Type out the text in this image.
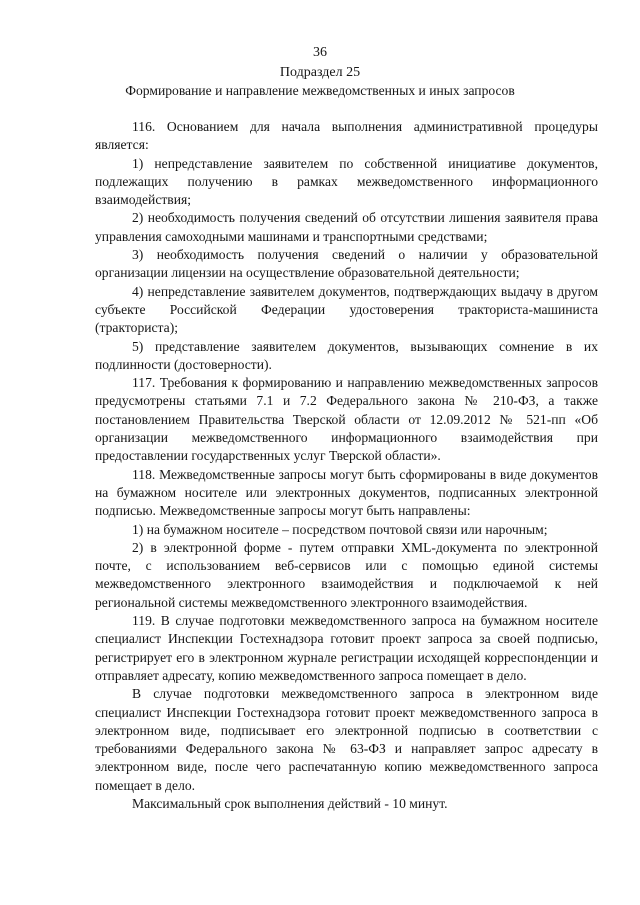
36
Подраздел 25
Формирование и направление межведомственных и иных запросов

116. Основанием для начала выполнения административной процедуры является:

1) непредставление заявителем по собственной инициативе документов, подлежащих получению в рамках межведомственного информационного взаимодействия;

2) необходимость получения сведений об отсутствии лишения заявителя права управления самоходными машинами и транспортными средствами;

3) необходимость получения сведений о наличии у образовательной организации лицензии на осуществление образовательной деятельности;

4) непредставление заявителем документов, подтверждающих выдачу в другом субъекте Российской Федерации удостоверения тракториста-машиниста (тракториста);

5) представление заявителем документов, вызывающих сомнение в их подлинности (достоверности).

117. Требования к формированию и направлению межведомственных запросов предусмотрены статьями 7.1 и 7.2 Федерального закона № 210-ФЗ, а также постановлением Правительства Тверской области от 12.09.2012 № 521-пп «Об организации межведомственного информационного взаимодействия при предоставлении государственных услуг Тверской области».

118. Межведомственные запросы могут быть сформированы в виде документов на бумажном носителе или электронных документов, подписанных электронной подписью. Межведомственные запросы могут быть направлены:

1) на бумажном носителе – посредством почтовой связи или нарочным;

2) в электронной форме - путем отправки XML-документа по электронной почте, с использованием веб-сервисов или с помощью единой системы межведомственного электронного взаимодействия и подключаемой к ней региональной системы межведомственного электронного взаимодействия.

119. В случае подготовки межведомственного запроса на бумажном носителе специалист Инспекции Гостехнадзора готовит проект запроса за своей подписью, регистрирует его в электронном журнале регистрации исходящей корреспонденции и отправляет адресату, копию межведомственного запроса помещает в дело.

В случае подготовки межведомственного запроса в электронном виде специалист Инспекции Гостехнадзора готовит проект межведомственного запроса в электронном виде, подписывает его электронной подписью в соответствии с требованиями Федерального закона № 63-ФЗ и направляет запрос адресату в электронном виде, после чего распечатанную копию межведомственного запроса помещает в дело.

Максимальный срок выполнения действий - 10 минут.
